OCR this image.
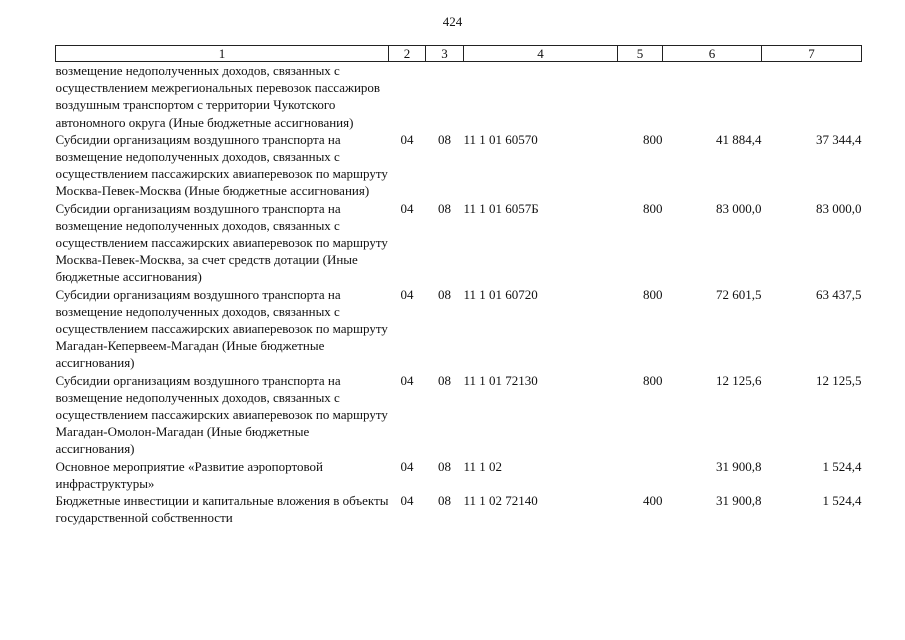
424
1	2	3	4	5	6	7
возмещение недополученных доходов, связанных с осуществлением межрегиональных перевозок пассажиров воздушным транспортом с территории Чукотского автономного округа (Иные бюджетные ассигнования)						
Субсидии организациям воздушного транспорта на возмещение недополученных доходов, связанных с осуществлением пассажирских авиаперевозок по маршруту Москва-Певек-Москва (Иные бюджетные ассигнования)	04	08	11 1 01 60570	800	41 884,4	37 344,4
Субсидии организациям воздушного транспорта на возмещение недополученных доходов, связанных с осуществлением пассажирских авиаперевозок по маршруту Москва-Певек-Москва, за счет средств дотации (Иные бюджетные ассигнования)	04	08	11 1 01 6057Б	800	83 000,0	83 000,0
Субсидии организациям воздушного транспорта на возмещение недополученных доходов, связанных с осуществлением пассажирских авиаперевозок по маршруту Магадан-Кепервеем-Магадан (Иные бюджетные ассигнования)	04	08	11 1 01 60720	800	72 601,5	63 437,5
Субсидии организациям воздушного транспорта на возмещение недополученных доходов, связанных с осуществлением пассажирских авиаперевозок по маршруту Магадан-Омолон-Магадан (Иные бюджетные ассигнования)	04	08	11 1 01 72130	800	12 125,6	12 125,5
Основное мероприятие «Развитие аэропортовой инфраструктуры»	04	08	11 1 02		31 900,8	1 524,4
Бюджетные инвестиции и капитальные вложения в объекты государственной собственности	04	08	11 1 02 72140	400	31 900,8	1 524,4
